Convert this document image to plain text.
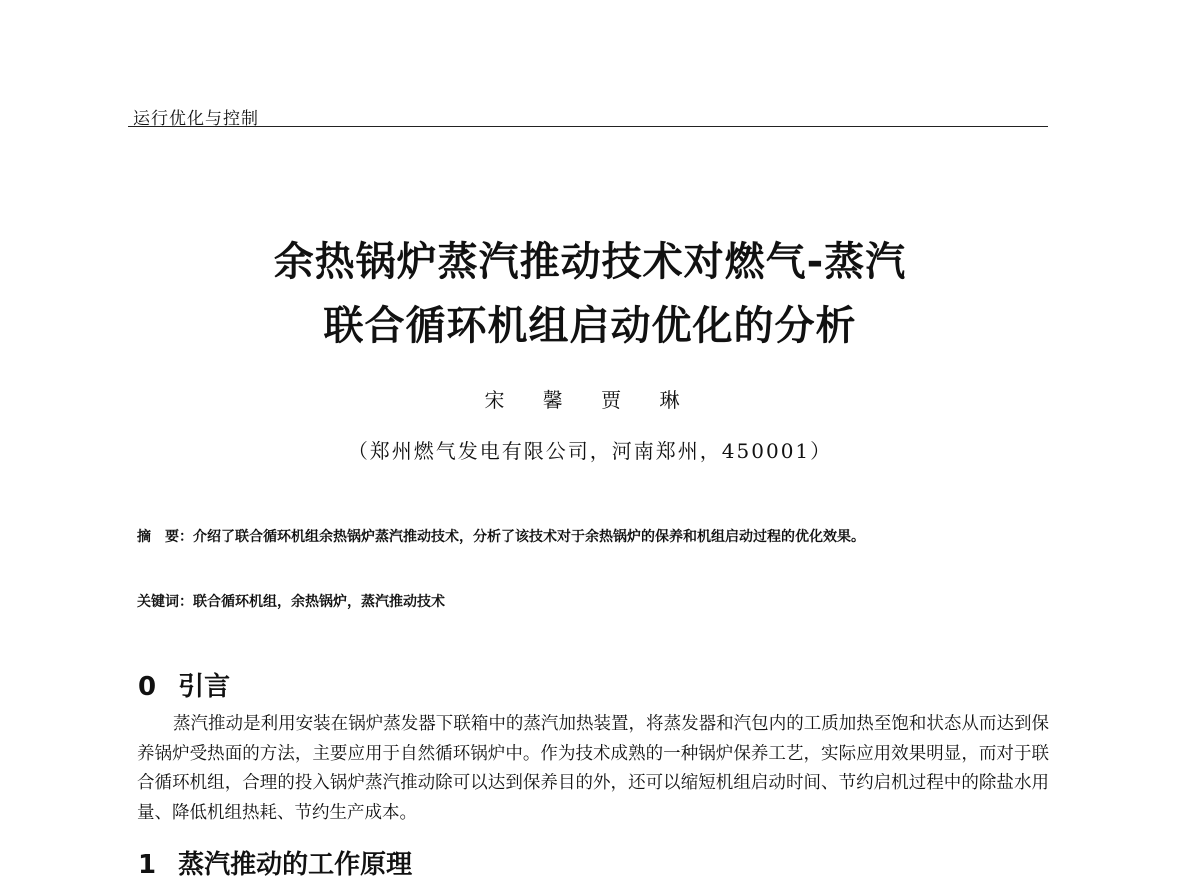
运行优化与控制
余热锅炉蒸汽推动技术对燃气-蒸汽
联合循环机组启动优化的分析
宋 馨 贾 琳
（郑州燃气发电有限公司，河南郑州，450001）
摘　要：介绍了联合循环机组余热锅炉蒸汽推动技术，分析了该技术对于余热锅炉的保养和机组启动过程的优化效果。
关键词：联合循环机组，余热锅炉，蒸汽推动技术
0 引言
蒸汽推动是利用安装在锅炉蒸发器下联箱中的蒸汽加热装置，将蒸发器和汽包内的工质加热至饱和状态从而达到保养锅炉受热面的方法，主要应用于自然循环锅炉中。作为技术成熟的一种锅炉保养工艺，实际应用效果明显，而对于联合循环机组，合理的投入锅炉蒸汽推动除可以达到保养目的外，还可以缩短机组启动时间、节约启机过程中的除盐水用量、降低机组热耗、节约生产成本。
1 蒸汽推动的工作原理
